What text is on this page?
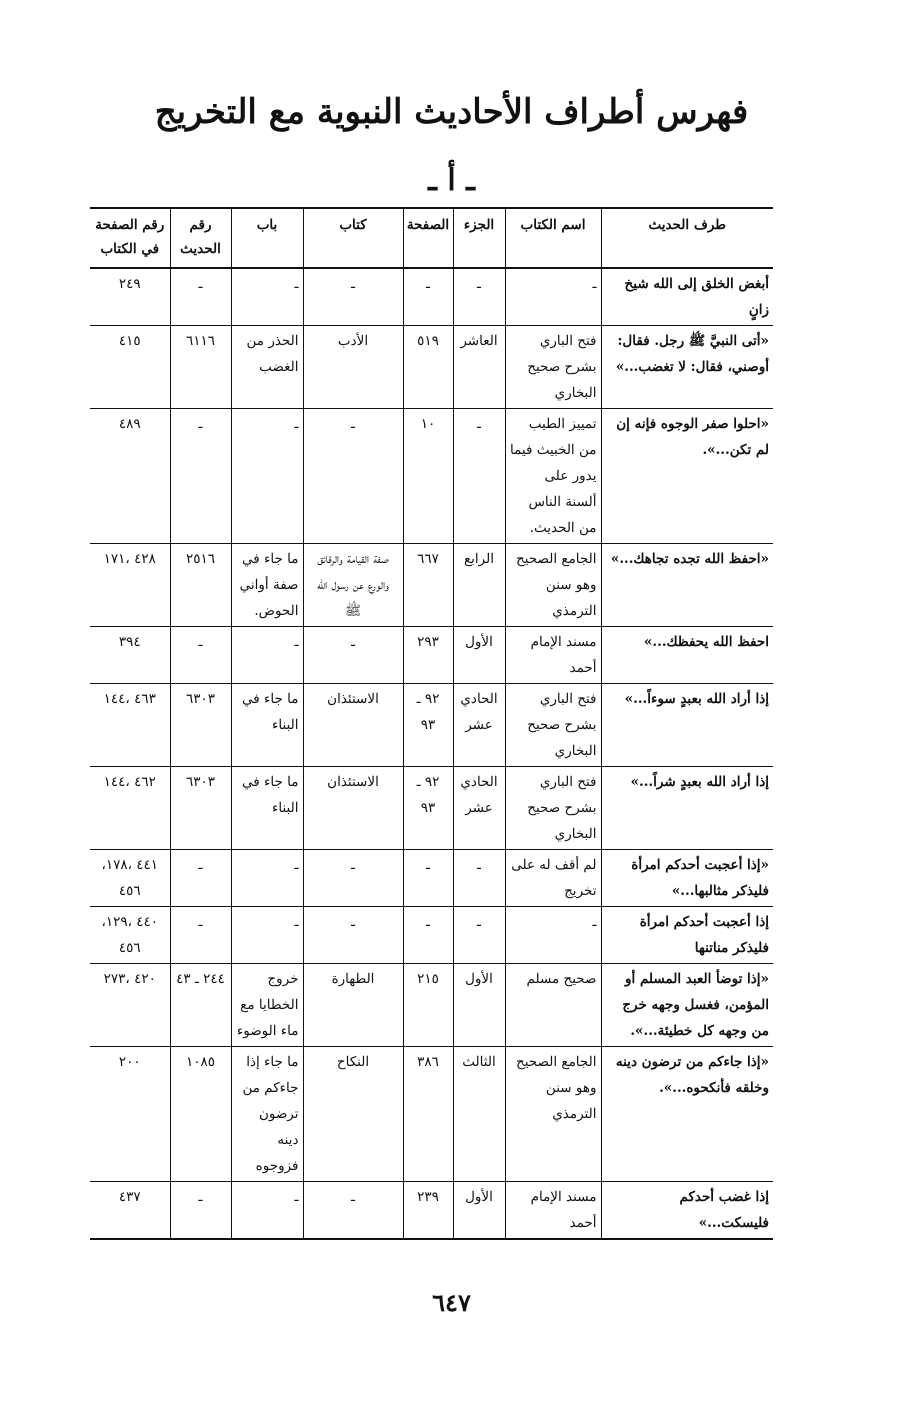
فهرس أطراف الأحاديث النبوية مع التخريج
ـ أ ـ
طرف الحديث	اسم الكتاب	الجزء	الصفحة	كتاب	باب	رقم الحديث	رقم الصفحة في الكتاب
أبغض الخلق إلى الله شيخ زانٍ	ـ	ـ	ـ	ـ	ـ	ـ	٢٤٩
«أتى النبيَّ ﷺ رجل. فقال: أوصني، فقال: لا تغضب...»	فتح الباري بشرح صحيح البخاري	العاشر	٥١٩	الأدب	الحذر من الغضب	٦١١٦	٤١٥
«احلوا صفر الوجوه فإنه إن لم تكن...».	تمييز الطيب من الخبيث فيما يدور على ألسنة الناس من الحديث.	ـ	١٠	ـ	ـ	ـ	٤٨٩
«احفظ الله تجده تجاهك...»	الجامع الصحيح وهو سنن الترمذي	الرابع	٦٦٧	صفة القيامة والرقائق والورع عن رسول الله ﷺ	ما جاء في صفة أواني الحوض.	٢٥١٦	٤٢٨ ،١٧١
احفظ الله يحفظك...»	مسند الإمام أحمد	الأول	٢٩٣	ـ	ـ	ـ	٣٩٤
إذا أراد الله بعبدٍ سوءاً...»	فتح الباري بشرح صحيح البخاري	الحادي عشر	٩٢ ـ ٩٣	الاستئذان	ما جاء في البناء	٦٣٠٣	٤٦٣ ،١٤٤
إذا أراد الله بعبدٍ شراً...»	فتح الباري بشرح صحيح البخاري	الحادي عشر	٩٢ ـ ٩٣	الاستئذان	ما جاء في البناء	٦٣٠٣	٤٦٢ ،١٤٤
«إذا أعجبت أحدكم امرأة فليذكر مثالبها...»	لم أقف له على تخريج	ـ	ـ	ـ	ـ	ـ	٤٤١ ،١٧٨، ٤٥٦
إذا أعجبت أحدكم امرأة فليذكر مناتنها	ـ	ـ	ـ	ـ	ـ	ـ	٤٤٠ ،١٢٩، ٤٥٦
«إذا توضأ العبد المسلم أو المؤمن، فغسل وجهه خرج من وجهه كل خطيئة...».	صحيح مسلم	الأول	٢١٥	الطهارة	خروج الخطايا مع ماء الوضوء	٢٤٤ ـ ٤٣	٤٢٠ ،٢٧٣
«إذا جاءكم من ترضون دينه وخلقه فأنكحوه...».	الجامع الصحيح وهو سنن الترمذي	الثالث	٣٨٦	النكاح	ما جاء إذا جاءكم من ترضون دينه فزوجوه	١٠٨٥	٢٠٠
إذا غضب أحدكم فليسكت...»	مسند الإمام أحمد	الأول	٢٣٩	ـ	ـ	ـ	٤٣٧
٦٤٧
